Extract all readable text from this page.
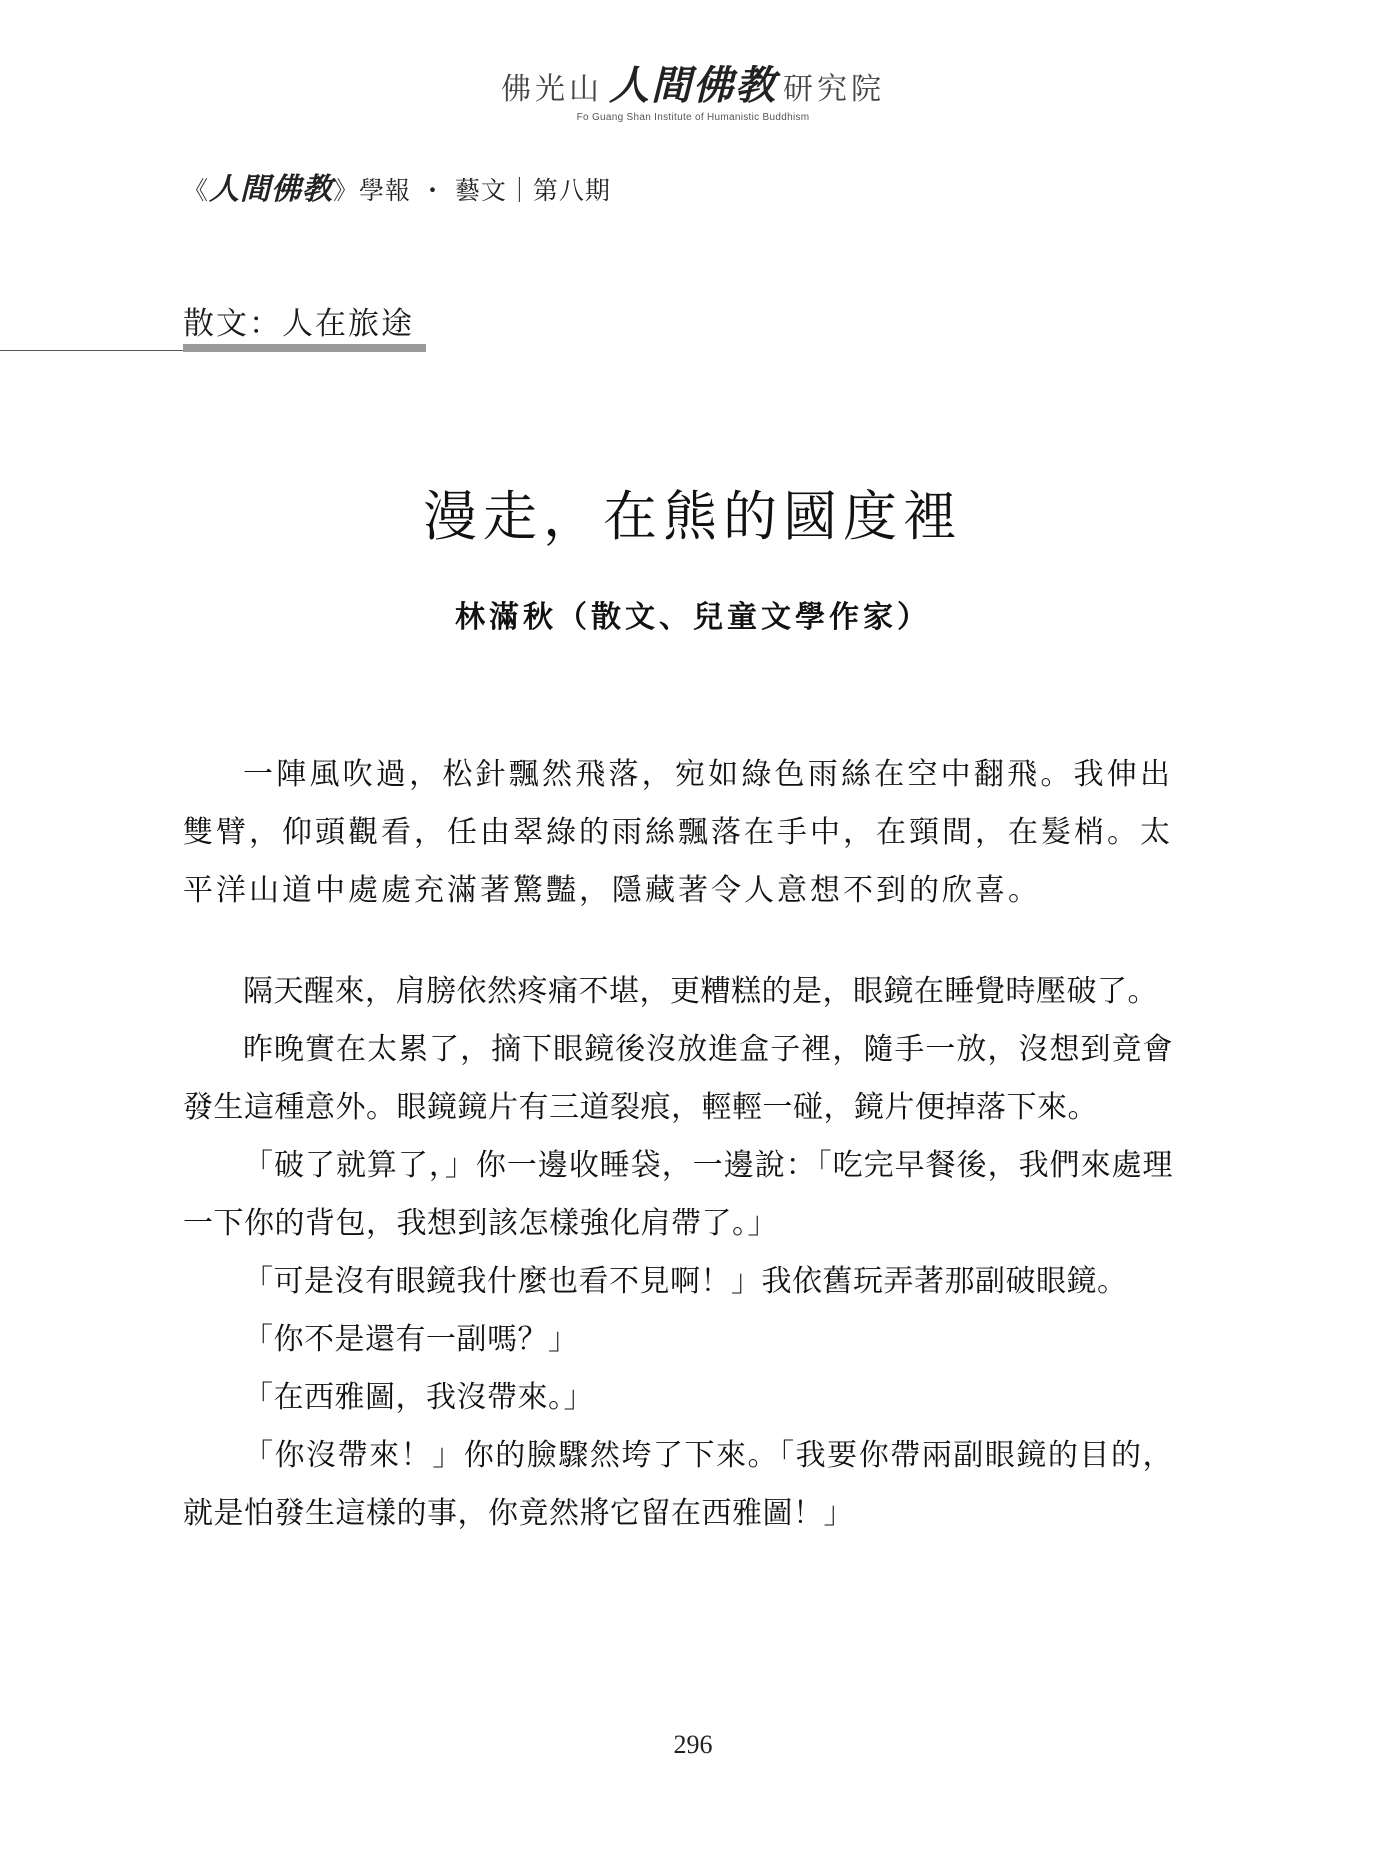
佛光山 人間佛教 研究院
Fo Guang Shan Institute of Humanistic Buddhism
《人間佛教》學報 ・ 藝文｜第八期
散文：人在旅途
漫走，在熊的國度裡
林滿秋（散文、兒童文學作家）

一陣風吹過，松針飄然飛落，宛如綠色雨絲在空中翻飛。我伸出雙臂，仰頭觀看，任由翠綠的雨絲飄落在手中，在頸間，在髮梢。太平洋山道中處處充滿著驚豔，隱藏著令人意想不到的欣喜。

隔天醒來，肩膀依然疼痛不堪，更糟糕的是，眼鏡在睡覺時壓破了。

昨晚實在太累了，摘下眼鏡後沒放進盒子裡，隨手一放，沒想到竟會發生這種意外。眼鏡鏡片有三道裂痕，輕輕一碰，鏡片便掉落下來。

「破了就算了，」你一邊收睡袋，一邊說：「吃完早餐後，我們來處理一下你的背包，我想到該怎樣強化肩帶了。」

「可是沒有眼鏡我什麼也看不見啊！」我依舊玩弄著那副破眼鏡。

「你不是還有一副嗎？」

「在西雅圖，我沒帶來。」

「你沒帶來！」你的臉驟然垮了下來。「我要你帶兩副眼鏡的目的，就是怕發生這樣的事，你竟然將它留在西雅圖！」

296
